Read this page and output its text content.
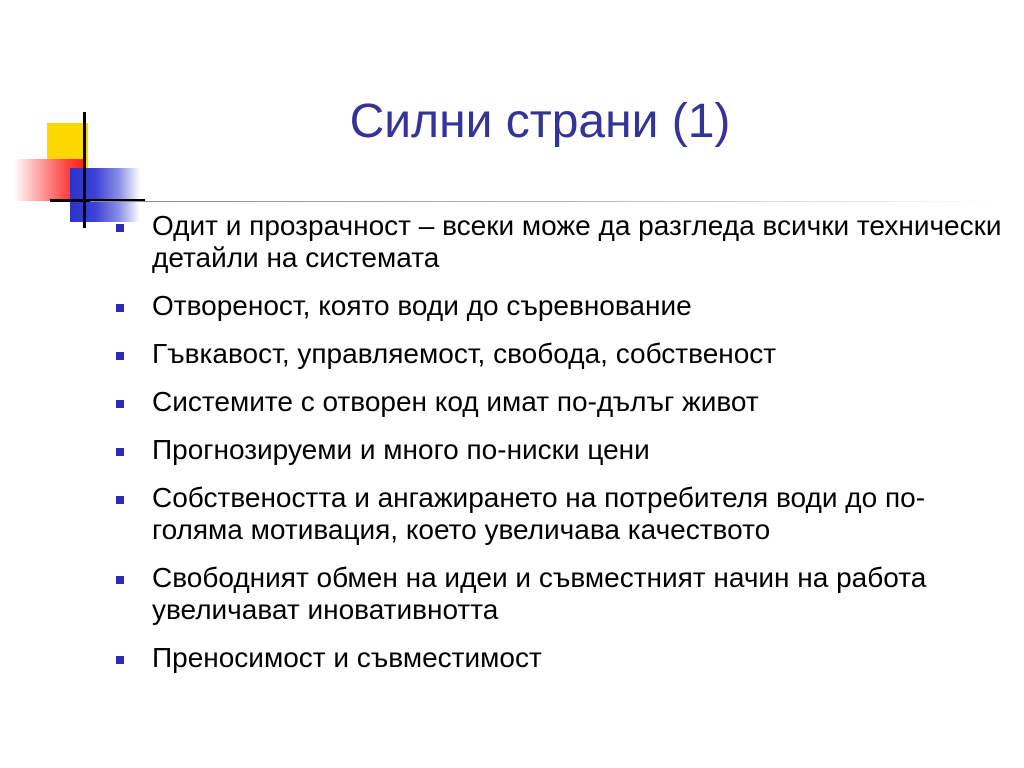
Силни страни (1)
Одит и прозрачност – всеки може да разгледа всички технически детайли на системата
Отвореност, която води до съревнование
Гъвкавост, управляемост, свобода, собственост
Системите с отворен код имат по-дълъг живот
Прогнозируеми и много по-ниски цени
Собствеността и ангажирането на потребителя води до по-голяма мотивация, което увеличава качеството
Свободният обмен на идеи и съвместният начин на работа увеличават иновативнотта
Преносимост и съвместимост
